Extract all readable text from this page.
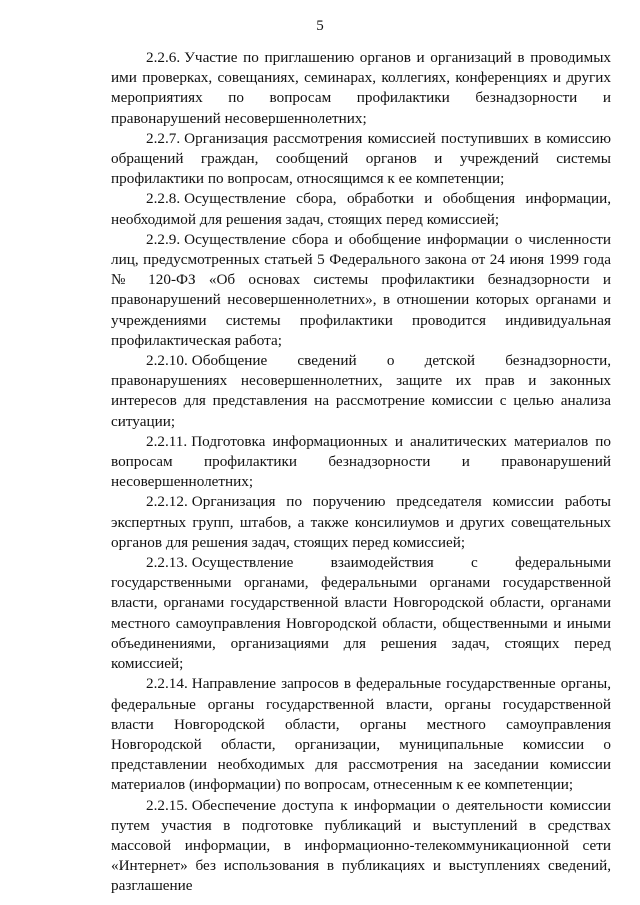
5

2.2.6. Участие по приглашению органов и организаций в проводимых ими проверках, совещаниях, семинарах, коллегиях, конференциях и других мероприятиях по вопросам профилактики безнадзорности и правонарушений несовершеннолетних;

2.2.7. Организация рассмотрения комиссией поступивших в комиссию обращений граждан, сообщений органов и учреждений системы профилактики по вопросам, относящимся к ее компетенции;

2.2.8. Осуществление сбора, обработки и обобщения информации, необходимой для решения задач, стоящих перед комиссией;

2.2.9. Осуществление сбора и обобщение информации о численности лиц, предусмотренных статьей 5 Федерального закона от 24 июня 1999 года № 120-ФЗ «Об основах системы профилактики безнадзорности и правонарушений несовершеннолетних», в отношении которых органами и учреждениями системы профилактики проводится индивидуальная профилактическая работа;

2.2.10. Обобщение сведений о детской безнадзорности, правонарушениях несовершеннолетних, защите их прав и законных интересов для представления на рассмотрение комиссии с целью анализа ситуации;

2.2.11. Подготовка информационных и аналитических материалов по вопросам профилактики безнадзорности и правонарушений несовершеннолетних;

2.2.12. Организация по поручению председателя комиссии работы экспертных групп, штабов, а также консилиумов и других совещательных органов для решения задач, стоящих перед комиссией;

2.2.13. Осуществление взаимодействия с федеральными государственными органами, федеральными органами государственной власти, органами государственной власти Новгородской области, органами местного самоуправления Новгородской области, общественными и иными объединениями, организациями для решения задач, стоящих перед комиссией;

2.2.14. Направление запросов в федеральные государственные органы, федеральные органы государственной власти, органы государственной власти Новгородской области, органы местного самоуправления Новгородской области, организации, муниципальные комиссии о представлении необходимых для рассмотрения на заседании комиссии материалов (информации) по вопросам, отнесенным к ее компетенции;

2.2.15. Обеспечение доступа к информации о деятельности комиссии путем участия в подготовке публикаций и выступлений в средствах массовой информации, в информационно-телекоммуникационной сети «Интернет» без использования в публикациях и выступлениях сведений, разглашение
